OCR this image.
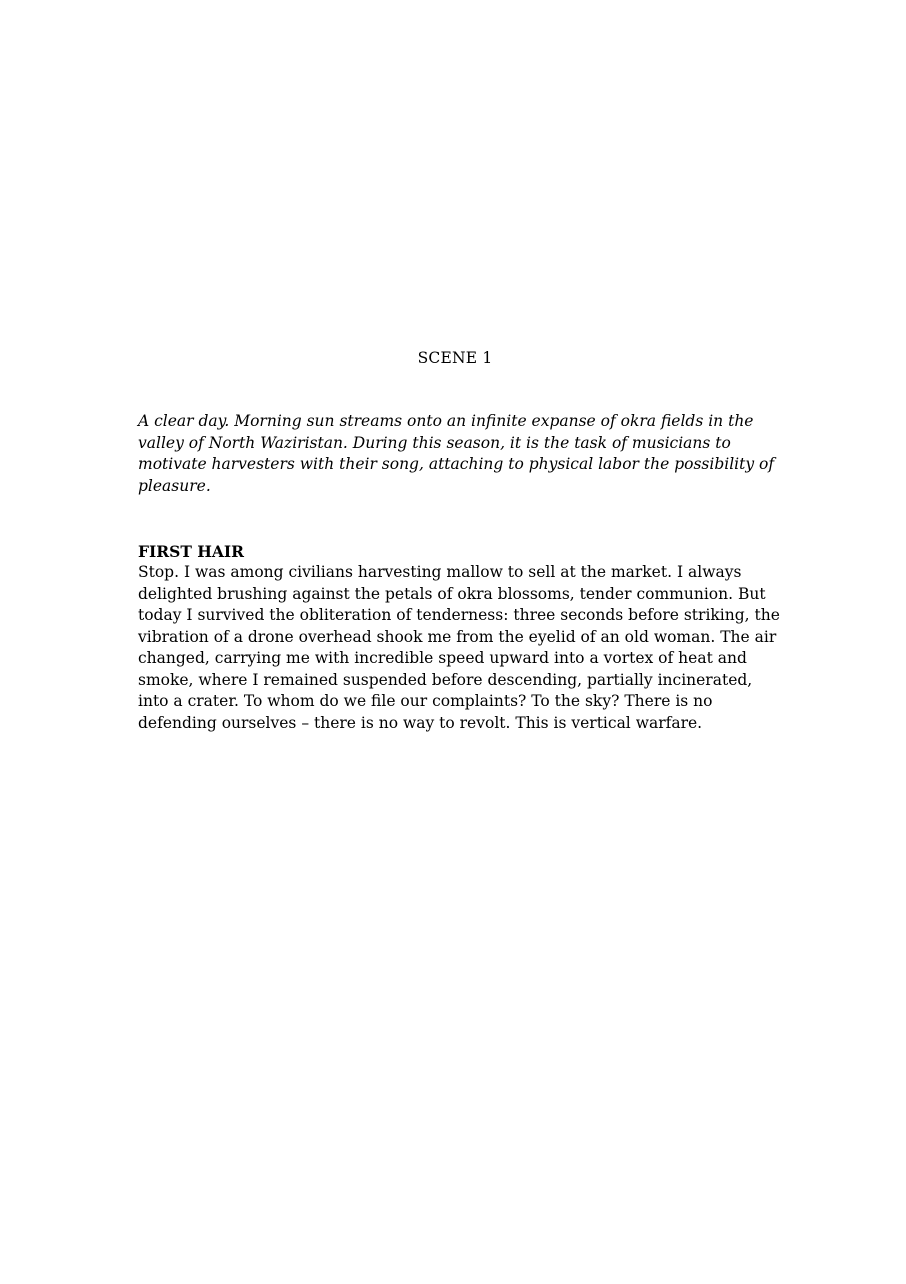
SCENE 1

A clear day. Morning sun streams onto an infinite expanse of okra fields in the
valley of North Waziristan. During this season, it is the task of musicians to
motivate harvesters with their song, attaching to physical labor the possibility of
pleasure.

FIRST HAIR

Stop. I was among civilians harvesting mallow to sell at the market. I always
delighted brushing against the petals of okra blossoms, tender communion. But
today I survived the obliteration of tenderness: three seconds before striking, the
vibration of a drone overhead shook me from the eyelid of an old woman. The air
changed, carrying me with incredible speed upward into a vortex of heat and
smoke, where I remained suspended before descending, partially incinerated,
into a crater. To whom do we file our complaints? To the sky? There is no
defending ourselves – there is no way to revolt. This is vertical warfare.
